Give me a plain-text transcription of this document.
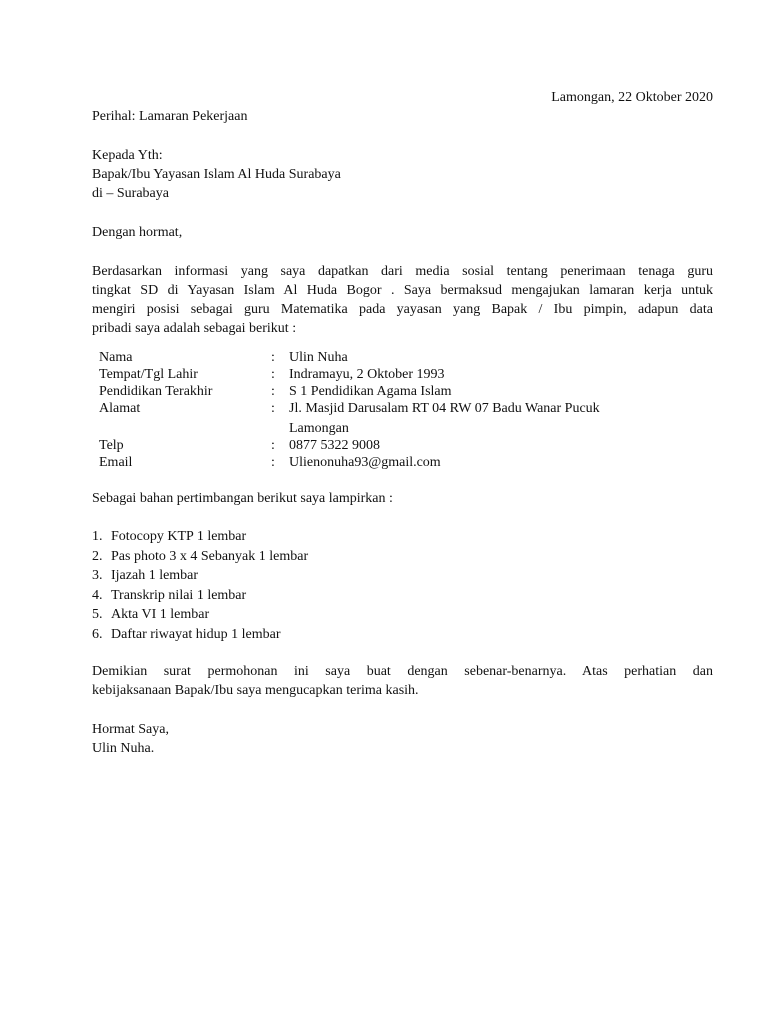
Lamongan, 22 Oktober 2020
Perihal: Lamaran Pekerjaan
Kepada Yth:
Bapak/Ibu Yayasan Islam Al Huda Surabaya
di – Surabaya
Dengan hormat,
Berdasarkan informasi yang saya dapatkan dari media sosial tentang penerimaan tenaga guru
tingkat SD di Yayasan Islam Al Huda Bogor . Saya bermaksud mengajukan lamaran kerja untuk
mengiri posisi sebagai guru Matematika pada yayasan yang Bapak / Ibu pimpin, adapun data
pribadi saya adalah sebagai berikut :
Nama	:	Ulin Nuha
Tempat/Tgl Lahir	:	Indramayu, 2 Oktober 1993
Pendidikan Terakhir	:	S 1 Pendidikan Agama Islam
Alamat	:	Jl. Masjid Darusalam RT 04 RW 07 Badu Wanar Pucuk
Lamongan

Telp	:	0877 5322 9008
Email	:	Ulienonuha93@gmail.com
Sebagai bahan pertimbangan berikut saya lampirkan :
1. Fotocopy KTP 1 lembar
2. Pas photo 3 x 4 Sebanyak 1 lembar
3. Ijazah 1 lembar
4. Transkrip nilai 1 lembar
5. Akta VI 1 lembar
6. Daftar riwayat hidup 1 lembar
Demikian surat permohonan ini saya buat dengan sebenar-benarnya. Atas perhatian dan
kebijaksanaan Bapak/Ibu saya mengucapkan terima kasih.
Hormat Saya,
Ulin Nuha.
